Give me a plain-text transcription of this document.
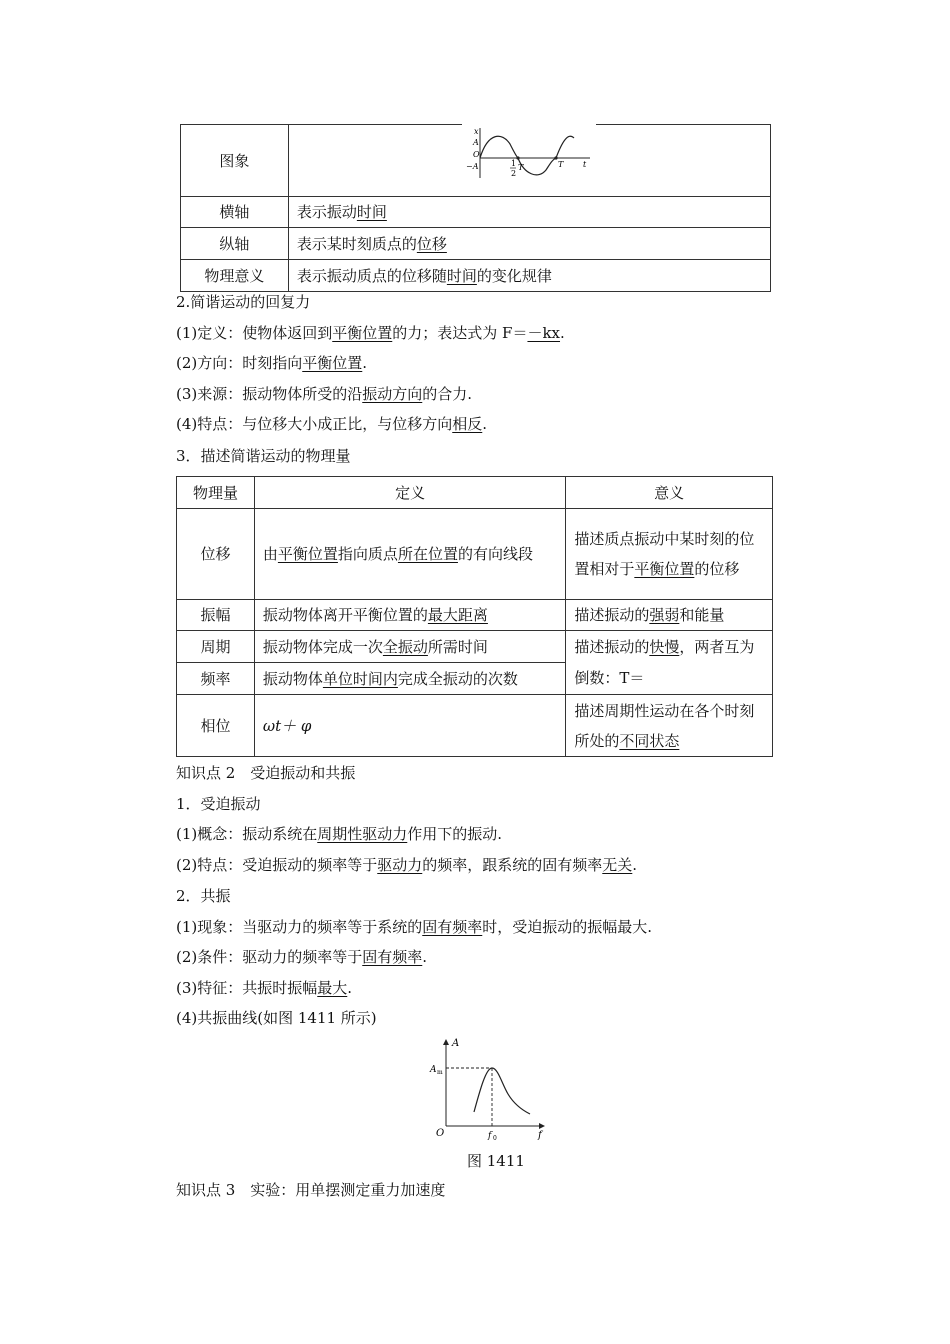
图象	
横轴	表示振动时间
纵轴	表示某时刻质点的位移
物理意义	表示振动质点的位移随时间的变化规律
x
A
O
−A	1
2
T	T t
2.简谐运动的回复力
(1)定义：使物体返回到平衡位置的力；表达式为 F＝－kx.
(2)方向：时刻指向平衡位置.
(3)来源：振动物体所受的沿振动方向的合力.
(4)特点：与位移大小成正比，与位移方向相反.
3．描述简谐运动的物理量
物理量	定义	意义
位移	由平衡位置指向质点所在位置的有向线段	描述质点振动中某时刻的位置相对于平衡位置的位移
振幅	振动物体离开平衡位置的最大距离	描述振动的强弱和能量
周期	振动物体完成一次全振动所需时间	描述振动的快慢，两者互为倒数：T＝
频率	振动物体单位时间内完成全振动的次数	
相位	ωt＋ φ	描述周期性运动在各个时刻所处的不同状态
知识点 2　受迫振动和共振
1．受迫振动
(1)概念：振动系统在周期性驱动力作用下的振动.
(2)特点：受迫振动的频率等于驱动力的频率，跟系统的固有频率无关.
2．共振
(1)现象：当驱动力的频率等于系统的固有频率时，受迫振动的振幅最大.
(2)条件：驱动力的频率等于固有频率.
(3)特征：共振时振幅最大.
(4)共振曲线(如图 1411 所示)
A
A m
O	f 0	f
图 1411
知识点 3　实验：用单摆测定重力加速度
